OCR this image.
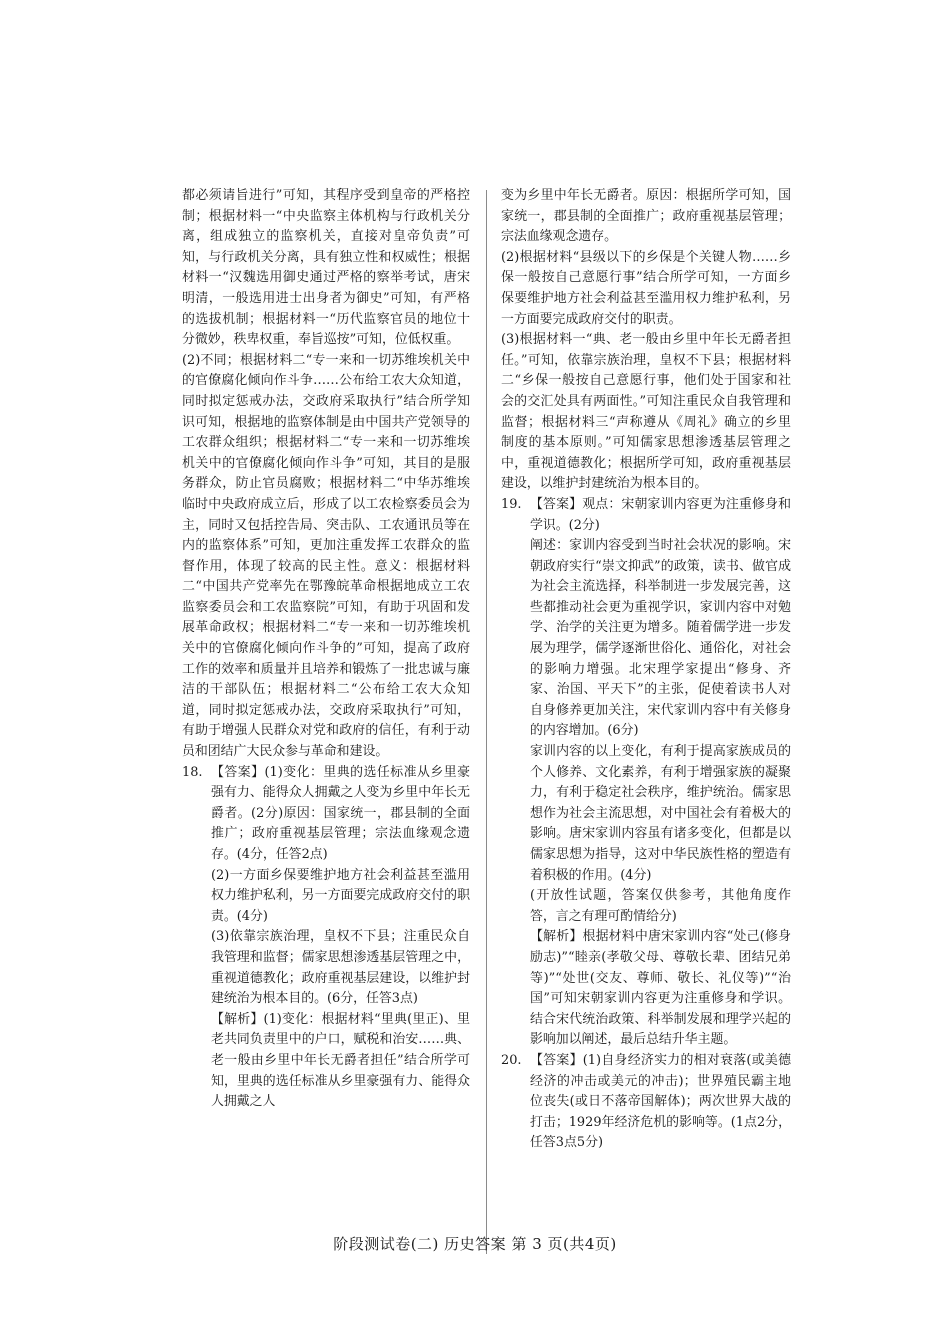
都必须请旨进行”可知，其程序受到皇帝的严格控制；根据材料一“中央监察主体机构与行政机关分离，组成独立的监察机关，直接对皇帝负责”可知，与行政机关分离，具有独立性和权威性；根据材料一“汉魏选用御史通过严格的察举考试，唐宋明清，一般选用进士出身者为御史”可知，有严格的选拔机制；根据材料一“历代监察官员的地位十分微妙，秩卑权重，奉旨巡按”可知，位低权重。

(2)不同；根据材料二“专一来和一切苏维埃机关中的官僚腐化倾向作斗争……公布给工农大众知道，同时拟定惩戒办法，交政府采取执行”结合所学知识可知，根据地的监察体制是由中国共产党领导的工农群众组织；根据材料二“专一来和一切苏维埃机关中的官僚腐化倾向作斗争”可知，其目的是服务群众，防止官员腐败；根据材料二“中华苏维埃临时中央政府成立后，形成了以工农检察委员会为主，同时又包括控告局、突击队、工农通讯员等在内的监察体系”可知，更加注重发挥工农群众的监督作用，体现了较高的民主性。意义：根据材料二“中国共产党率先在鄂豫皖革命根据地成立工农监察委员会和工农监察院”可知，有助于巩固和发展革命政权；根据材料二“专一来和一切苏维埃机关中的官僚腐化倾向作斗争的”可知，提高了政府工作的效率和质量并且培养和锻炼了一批忠诚与廉洁的干部队伍；根据材料二“公布给工农大众知道，同时拟定惩戒办法，交政府采取执行”可知，有助于增强人民群众对党和政府的信任，有利于动员和团结广大民众参与革命和建设。

18. 【答案】(1)变化：里典的选任标准从乡里豪强有力、能得众人拥戴之人变为乡里中年长无爵者。(2分)原因：国家统一，郡县制的全面推广；政府重视基层管理；宗法血缘观念遗存。(4分，任答2点)

(2)一方面乡保要维护地方社会利益甚至滥用权力维护私利，另一方面要完成政府交付的职责。(4分)

(3)依靠宗族治理，皇权不下县；注重民众自我管理和监督；儒家思想渗透基层管理之中，重视道德教化；政府重视基层建设，以维护封建统治为根本目的。(6分，任答3点)

【解析】(1)变化：根据材料“里典(里正)、里老共同负责里中的户口，赋税和治安……典、老一般由乡里中年长无爵者担任”结合所学可知，里典的选任标准从乡里豪强有力、能得众人拥戴之人

变为乡里中年长无爵者。原因：根据所学可知，国家统一，郡县制的全面推广；政府重视基层管理；宗法血缘观念遗存。

(2)根据材料“县级以下的乡保是个关键人物……乡保一般按自己意愿行事”结合所学可知，一方面乡保要维护地方社会利益甚至滥用权力维护私利，另一方面要完成政府交付的职责。

(3)根据材料一“典、老一般由乡里中年长无爵者担任。”可知，依靠宗族治理，皇权不下县；根据材料二“乡保一般按自己意愿行事，他们处于国家和社会的交汇处具有两面性。”可知注重民众自我管理和监督；根据材料三“声称遵从《周礼》确立的乡里制度的基本原则。”可知儒家思想渗透基层管理之中，重视道德教化；根据所学可知，政府重视基层建设，以维护封建统治为根本目的。

19. 【答案】观点：宋朝家训内容更为注重修身和学识。(2分)

阐述：家训内容受到当时社会状况的影响。宋朝政府实行“崇文抑武”的政策，读书、做官成为社会主流选择，科举制进一步发展完善，这些都推动社会更为重视学识，家训内容中对勉学、治学的关注更为增多。随着儒学进一步发展为理学，儒学逐渐世俗化、通俗化，对社会的影响力增强。北宋理学家提出“修身、齐家、治国、平天下”的主张，促使着读书人对自身修养更加关注，宋代家训内容中有关修身的内容增加。(6分)

家训内容的以上变化，有利于提高家族成员的个人修养、文化素养，有利于增强家族的凝聚力，有利于稳定社会秩序，维护统治。儒家思想作为社会主流思想，对中国社会有着极大的影响。唐宋家训内容虽有诸多变化，但都是以儒家思想为指导，这对中华民族性格的塑造有着积极的作用。(4分)

(开放性试题，答案仅供参考，其他角度作答，言之有理可酌情给分)

【解析】根据材料中唐宋家训内容“处己(修身励志)”“睦亲(孝敬父母、尊敬长辈、团结兄弟等)”“处世(交友、尊师、敬长、礼仪等)”“治国”可知宋朝家训内容更为注重修身和学识。结合宋代统治政策、科举制发展和理学兴起的影响加以阐述，最后总结升华主题。

20. 【答案】(1)自身经济实力的相对衰落(或美德经济的冲击或美元的冲击)；世界殖民霸主地位丧失(或日不落帝国解体)；两次世界大战的打击；1929年经济危机的影响等。(1点2分，任答3点5分)
阶段测试卷(二) 历史答案 第 3 页(共4页)
